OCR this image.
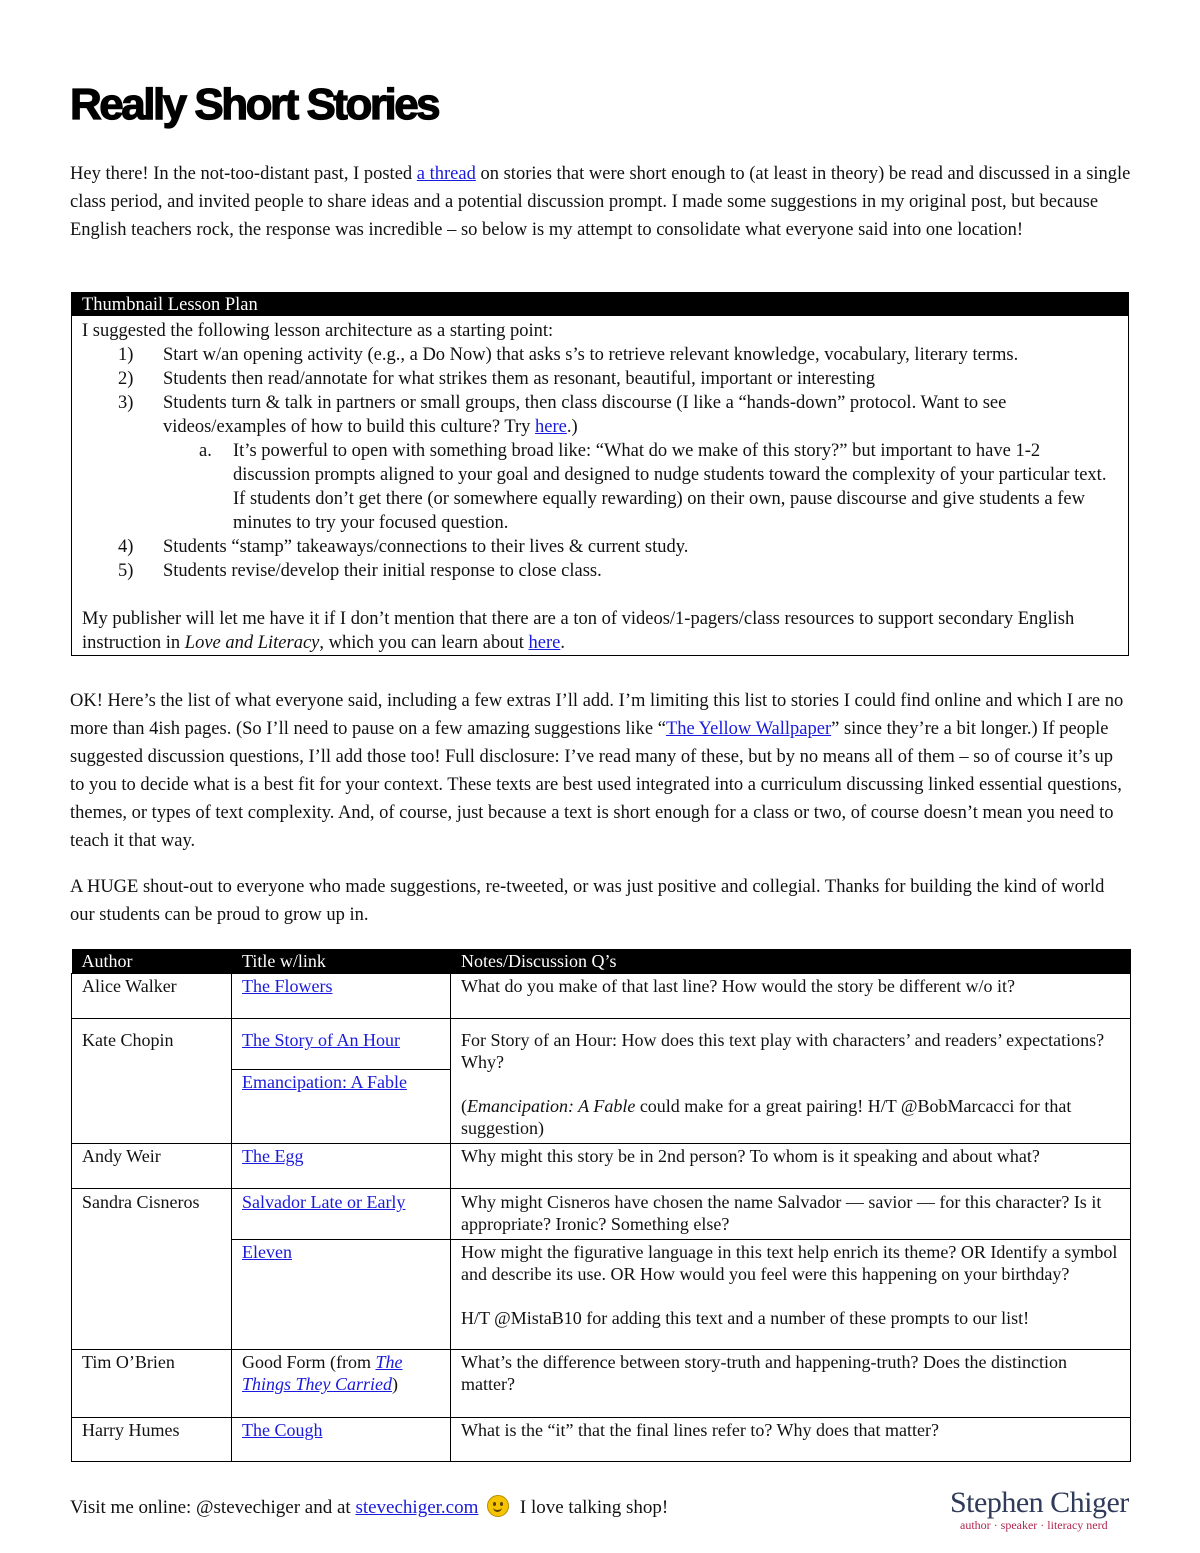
Really Short Stories

Hey there! In the not-too-distant past, I posted a thread on stories that were short enough to (at least in theory) be read and discussed in a single class period, and invited people to share ideas and a potential discussion prompt. I made some suggestions in my original post, but because English teachers rock, the response was incredible – so below is my attempt to consolidate what everyone said into one location!

Thumbnail Lesson Plan

I suggested the following lesson architecture as a starting point:

1) Start w/an opening activity (e.g., a Do Now) that asks s’s to retrieve relevant knowledge, vocabulary, literary terms.
2) Students then read/annotate for what strikes them as resonant, beautiful, important or interesting
3) Students turn & talk in partners or small groups, then class discourse (I like a “hands-down” protocol. Want to see videos/examples of how to build this culture? Try here.)
a. It’s powerful to open with something broad like: “What do we make of this story?” but important to have 1-2 discussion prompts aligned to your goal and designed to nudge students toward the complexity of your particular text. If students don’t get there (or somewhere equally rewarding) on their own, pause discourse and give students a few minutes to try your focused question.
4) Students “stamp” takeaways/connections to their lives & current study.
5) Students revise/develop their initial response to close class.

My publisher will let me have it if I don’t mention that there are a ton of videos/1-pagers/class resources to support secondary English instruction in Love and Literacy, which you can learn about here.

OK! Here’s the list of what everyone said, including a few extras I’ll add. I’m limiting this list to stories I could find online and which I are no more than 4ish pages. (So I’ll need to pause on a few amazing suggestions like “The Yellow Wallpaper” since they’re a bit longer.) If people suggested discussion questions, I’ll add those too! Full disclosure: I’ve read many of these, but by no means all of them – so of course it’s up to you to decide what is a best fit for your context. These texts are best used integrated into a curriculum discussing linked essential questions, themes, or types of text complexity. And, of course, just because a text is short enough for a class or two, of course doesn’t mean you need to teach it that way.

A HUGE shout-out to everyone who made suggestions, re-tweeted, or was just positive and collegial. Thanks for building the kind of world our students can be proud to grow up in.

Author	Title w/link	Notes/Discussion Q’s
Alice Walker	The Flowers	What do you make of that last line? How would the story be different w/o it?
Kate Chopin	The Story of An Hour	For Story of an Hour: How does this text play with characters’ and readers’ expectations? Why?
(Emancipation: A Fable could make for a great pairing! H/T @BobMarcacci for that suggestion)

	Emancipation: A Fable	
Andy Weir	The Egg	Why might this story be in 2nd person? To whom is it speaking and about what?
Sandra Cisneros	Salvador Late or Early	Why might Cisneros have chosen the name Salvador — savior — for this character? Is it appropriate? Ironic? Something else?
	Eleven	How might the figurative language in this text help enrich its theme? OR Identify a symbol and describe its use. OR How would you feel were this happening on your birthday?
H/T @MistaB10 for adding this text and a number of these prompts to our list!

Tim O’Brien	Good Form (from The Things They Carried)	What’s the difference between story-truth and happening-truth? Does the distinction matter?
Harry Humes	The Cough	What is the “it” that the final lines refer to? Why does that matter?
Visit me online: @stevechiger and at stevechiger.com
I love talking shop!	Stephen Chiger
author · speaker · literacy nerd
